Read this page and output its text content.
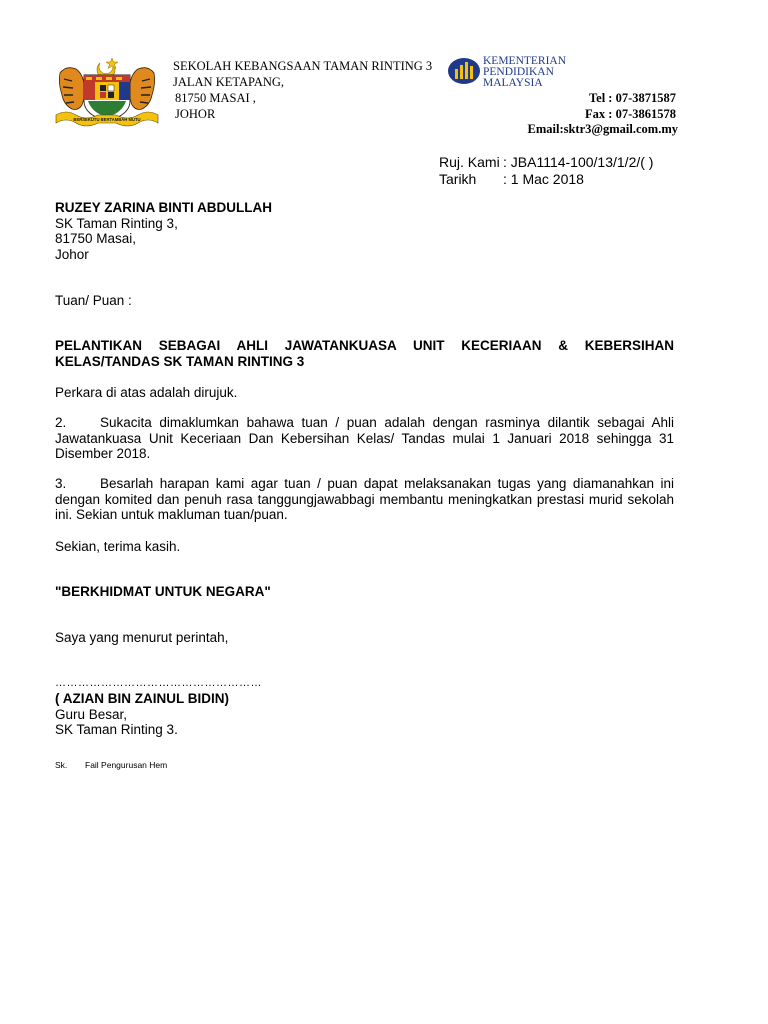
BERSEKUTU BERTAMBAH MUTU
SEKOLAH KEBANGSAAN TAMAN RINTING 3
JALAN KETAPANG,
81750 MASAI ,
JOHOR
KEMENTERIAN
PENDIDIKAN
MALAYSIA
Tel : 07-3871587
Fax : 07-3861578
Email:sktr3@gmail.com.my
Ruj. Kami : JBA1114-100/13/1/2/( )
Tarikh : 1 Mac 2018
RUZEY ZARINA BINTI ABDULLAH
SK Taman Rinting 3,
81750 Masai,
Johor
Tuan/ Puan :
PELANTIKAN SEBAGAI AHLI JAWATANKUASA UNIT KECERIAAN & KEBERSIHAN KELAS/TANDAS SK TAMAN RINTING 3
Perkara di atas adalah dirujuk.
2. Sukacita dimaklumkan bahawa tuan / puan adalah dengan rasminya dilantik sebagai Ahli Jawatankuasa Unit Keceriaan Dan Kebersihan Kelas/ Tandas mulai 1 Januari 2018 sehingga 31 Disember 2018.
3. Besarlah harapan kami agar tuan / puan dapat melaksanakan tugas yang diamanahkan ini dengan komited dan penuh rasa tanggungjawabbagi membantu meningkatkan prestasi murid sekolah ini. Sekian untuk makluman tuan/puan.
Sekian, terima kasih.
"BERKHIDMAT UNTUK NEGARA"
Saya yang menurut perintah,
………………………………………………
( AZIAN BIN ZAINUL BIDIN)
Guru Besar,
SK Taman Rinting 3.
Sk. Fail Pengurusan Hem
